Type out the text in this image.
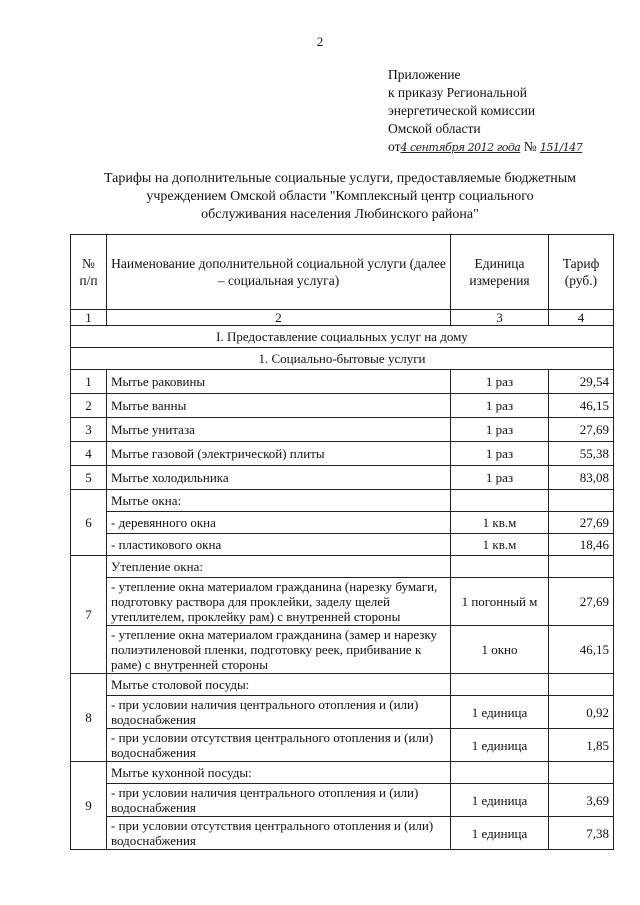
2
Приложение
к приказу Региональной
энергетической комиссии
Омской области
от4 сентября 2012 года № 151/147
Тарифы на дополнительные социальные услуги, предоставляемые бюджетным
учреждением Омской области "Комплексный центр социального
обслуживания населения Любинского района"
№ п/п	Наименование дополнительной социальной услуги (далее – социальная услуга)	Единица измерения	Тариф (руб.)
1	2	3	4
I. Предоставление социальных услуг на дому			
1. Социально-бытовые услуги			
1	Мытье раковины	1 раз	29,54
2	Мытье ванны	1 раз	46,15
3	Мытье унитаза	1 раз	27,69
4	Мытье газовой (электрической) плиты	1 раз	55,38
5	Мытье холодильника	1 раз	83,08
6	Мытье окна:		
	- деревянного окна	1 кв.м	27,69
	- пластикового окна	1 кв.м	18,46
7	Утепление окна:		
	- утепление окна материалом гражданина (нарезку бумаги, подготовку раствора для проклейки, заделу щелей утеплителем, проклейку рам) с внутренней стороны	1 погонный м	27,69
	- утепление окна материалом гражданина (замер и нарезку полиэтиленовой пленки, подготовку реек, прибивание к раме) с внутренней стороны	1 окно	46,15
8	Мытье столовой посуды:		
	- при условии наличия центрального отопления и (или) водоснабжения	1 единица	0,92
	- при условии отсутствия центрального отопления и (или) водоснабжения	1 единица	1,85
9	Мытье кухонной посуды:		
	- при условии наличия центрального отопления и (или) водоснабжения	1 единица	3,69
	- при условии отсутствия центрального отопления и (или) водоснабжения	1 единица	7,38
